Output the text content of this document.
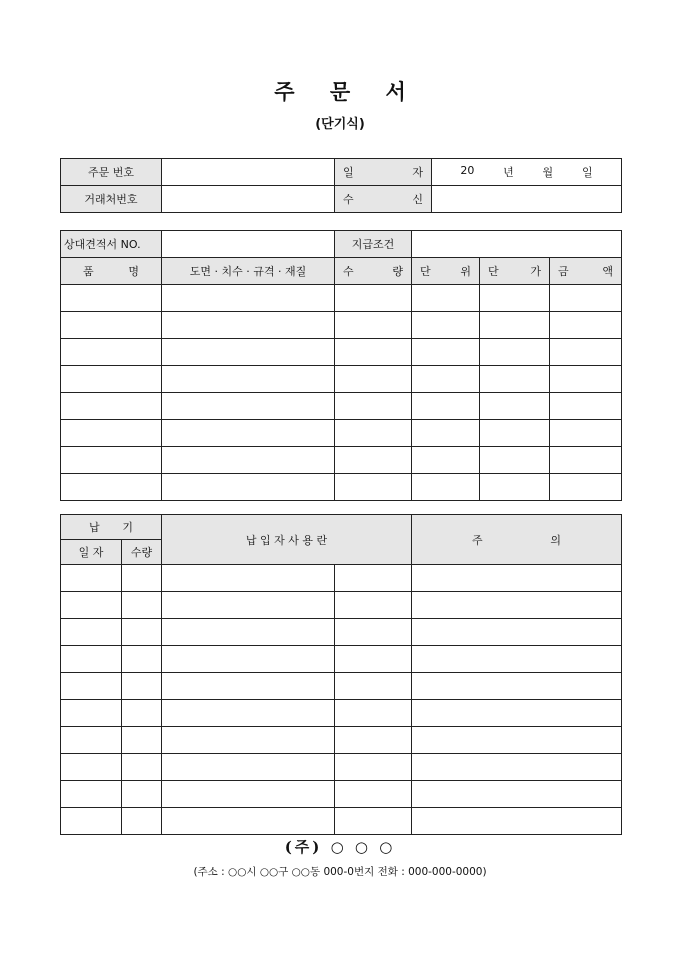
주 문 서
(단기식)
주문 번호		일 자	20 년 월 일

거래처번호		수 신	

상대견적서 NO.		지급조건			

품 명	도면 · 치수 · 규격 · 재질	수 량	단 위	단 가	금 액

납 기		납 입 자 사 용 란		주 의

일 자	수량			

(주) ○ ○ ○
(주소 : ○○시 ○○구 ○○동 000-0번지 전화 : 000-000-0000)
